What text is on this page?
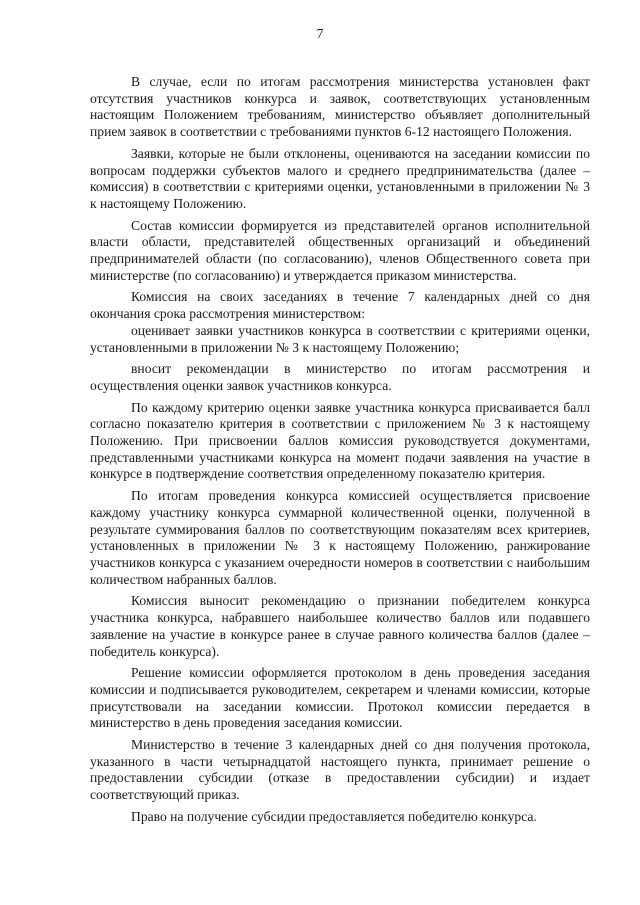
7

В случае, если по итогам рассмотрения министерства установлен факт отсутствия участников конкурса и заявок, соответствующих установленным настоящим Положением требованиям, министерство объявляет дополнительный прием заявок в соответствии с требованиями пунктов 6-12 настоящего Положения.

Заявки, которые не были отклонены, оцениваются на заседании комиссии по вопросам поддержки субъектов малого и среднего предпринимательства (далее – комиссия) в соответствии с критериями оценки, установленными в приложении № 3 к настоящему Положению.

Состав комиссии формируется из представителей органов исполнительной власти области, представителей общественных организаций и объединений предпринимателей области (по согласованию), членов Общественного совета при министерстве (по согласованию) и утверждается приказом министерства.

Комиссия на своих заседаниях в течение 7 календарных дней со дня окончания срока рассмотрения министерством:

оценивает заявки участников конкурса в соответствии с критериями оценки, установленными в приложении № 3 к настоящему Положению;

вносит рекомендации в министерство по итогам рассмотрения и осуществления оценки заявок участников конкурса.

По каждому критерию оценки заявке участника конкурса присваивается балл согласно показателю критерия в соответствии с приложением № 3 к настоящему Положению. При присвоении баллов комиссия руководствуется документами, представленными участниками конкурса на момент подачи заявления на участие в конкурсе в подтверждение соответствия определенному показателю критерия.

По итогам проведения конкурса комиссией осуществляется присвоение каждому участнику конкурса суммарной количественной оценки, полученной в результате суммирования баллов по соответствующим показателям всех критериев, установленных в приложении № 3 к настоящему Положению, ранжирование участников конкурса с указанием очередности номеров в соответствии с наибольшим количеством набранных баллов.

Комиссия выносит рекомендацию о признании победителем конкурса участника конкурса, набравшего наибольшее количество баллов или подавшего заявление на участие в конкурсе ранее в случае равного количества баллов (далее – победитель конкурса).

Решение комиссии оформляется протоколом в день проведения заседания комиссии и подписывается руководителем, секретарем и членами комиссии, которые присутствовали на заседании комиссии. Протокол комиссии передается в министерство в день проведения заседания комиссии.

Министерство в течение 3 календарных дней со дня получения протокола, указанного в части четырнадцатой настоящего пункта, принимает решение о предоставлении субсидии (отказе в предоставлении субсидии) и издает соответствующий приказ.

Право на получение субсидии предоставляется победителю конкурса.
